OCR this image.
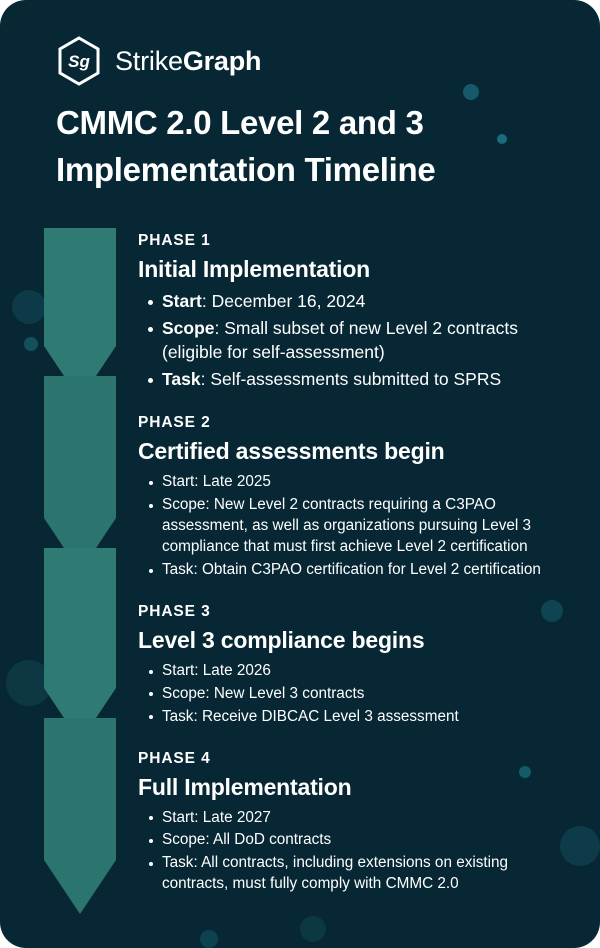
Sg StrikeGraph
CMMC 2.0 Level 2 and 3 Implementation Timeline
PHASE 1
Initial Implementation
Start: December 16, 2024
Scope: Small subset of new Level 2 contracts (eligible for self-assessment)
Task: Self-assessments submitted to SPRS
PHASE 2
Certified assessments begin
Start: Late 2025
Scope: New Level 2 contracts requiring a C3PAO assessment, as well as organizations pursuing Level 3 compliance that must first achieve Level 2 certification
Task: Obtain C3PAO certification for Level 2 certification
PHASE 3
Level 3 compliance begins
Start: Late 2026
Scope: New Level 3 contracts
Task: Receive DIBCAC Level 3 assessment
PHASE 4
Full Implementation
Start: Late 2027
Scope: All DoD contracts
Task: All contracts, including extensions on existing contracts, must fully comply with CMMC 2.0
